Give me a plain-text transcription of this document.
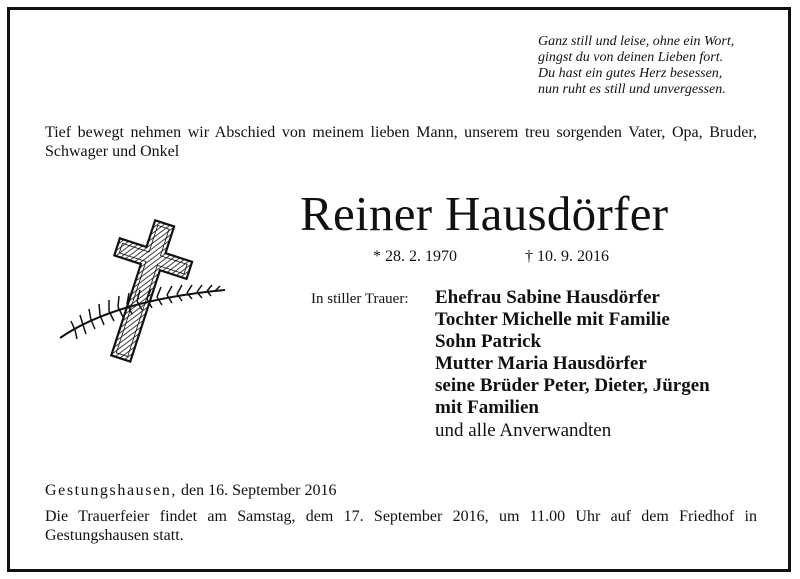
Ganz still und leise, ohne ein Wort,
gingst du von deinen Lieben fort.
Du hast ein gutes Herz besessen,
nun ruht es still und unvergessen.
Tief bewegt nehmen wir Abschied von meinem lieben Mann, unserem treu sorgenden Vater, Opa, Bruder, Schwager und Onkel
Reiner Hausdörfer
* 28. 2. 1970	† 10. 9. 2016
In stiller Trauer: Ehefrau Sabine Hausdörfer
Tochter Michelle mit Familie
Sohn Patrick
Mutter Maria Hausdörfer
seine Brüder Peter, Dieter, Jürgen
mit Familien
und alle Anverwandten
Gestungshausen, den 16. September 2016
Die Trauerfeier findet am Samstag, dem 17. September 2016, um 11.00 Uhr auf dem Friedhof in Gestungshausen statt.
